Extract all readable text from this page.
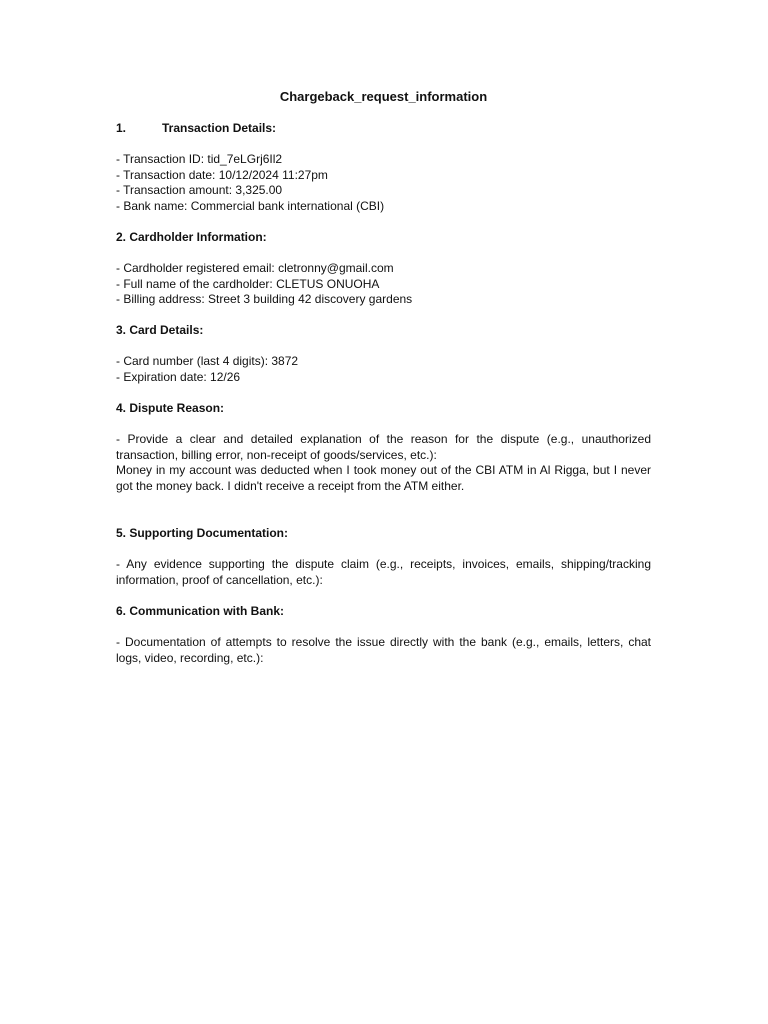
Chargeback_request_information
1.	Transaction Details:
- Transaction ID: tid_7eLGrj6Il2
- Transaction date: 10/12/2024 11:27pm
- Transaction amount: 3,325.00
- Bank name: Commercial bank international (CBI)
2. Cardholder Information:
- Cardholder registered email: cletronny@gmail.com
- Full name of the cardholder: CLETUS ONUOHA
- Billing address: Street 3 building 42 discovery gardens
3. Card Details:
- Card number (last 4 digits): 3872
- Expiration date: 12/26
4. Dispute Reason:
- Provide a clear and detailed explanation of the reason for the dispute (e.g., unauthorized transaction, billing error, non-receipt of goods/services, etc.):
Money in my account was deducted when I took money out of the CBI ATM in Al Rigga, but I never got the money back. I didn't receive a receipt from the ATM either.
5. Supporting Documentation:
- Any evidence supporting the dispute claim (e.g., receipts, invoices, emails, shipping/tracking information, proof of cancellation, etc.):
6. Communication with Bank:
- Documentation of attempts to resolve the issue directly with the bank (e.g., emails, letters, chat logs, video, recording, etc.):
